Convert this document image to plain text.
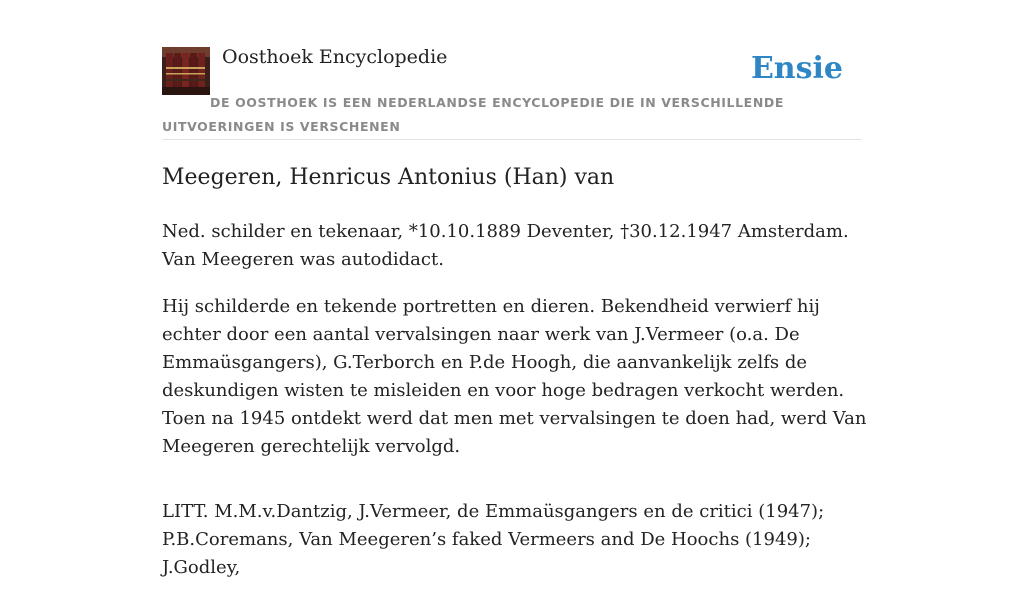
Oosthoek Encyclopedie	Ensie
DE OOSTHOEK IS EEN NEDERLANDSE ENCYCLOPEDIE DIE IN VERSCHILLENDE UITVOERINGEN IS VERSCHENEN
Meegeren, Henricus Antonius (Han) van

Ned. schilder en tekenaar, *10.10.1889 Deventer, †30.12.1947 Amsterdam. Van Meegeren was autodidact.

Hij schilderde en tekende portretten en dieren. Bekendheid verwierf hij echter door een aantal vervalsingen naar werk van J.Vermeer (o.a. De Emmaüsgangers), G.Terborch en P.de Hoogh, die aanvankelijk zelfs de deskundigen wisten te misleiden en voor hoge bedragen verkocht werden. Toen na 1945 ontdekt werd dat men met vervalsingen te doen had, werd Van Meegeren gerechtelijk vervolgd.

LITT. M.M.v.Dantzig, J.Vermeer, de Emmaüsgangers en de critici (1947); P.B.Coremans, Van Meegeren’s faked Vermeers and De Hoochs (1949); J.Godley,
